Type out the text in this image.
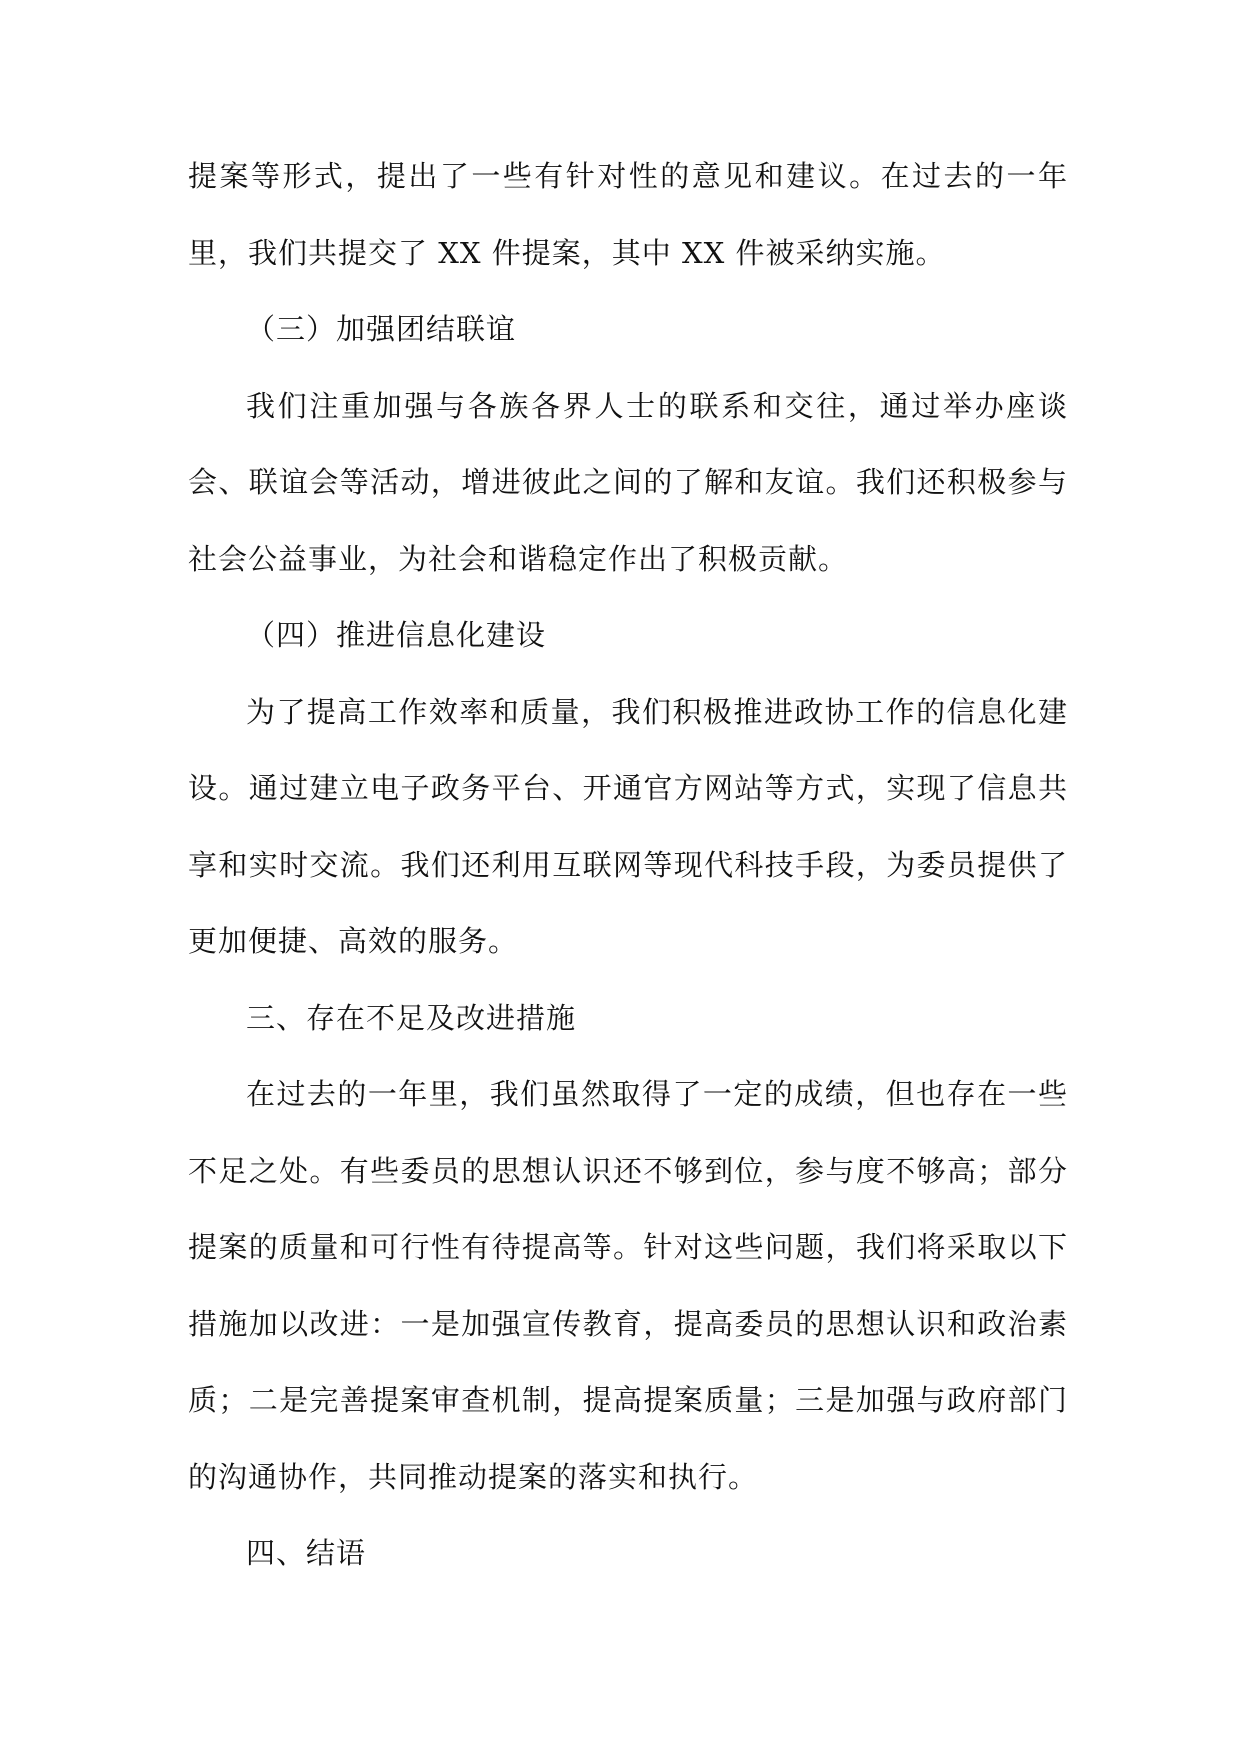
提案等形式，提出了一些有针对性的意见和建议。在过去的一年里，我们共提交了 XX 件提案，其中 XX 件被采纳实施。

（三）加强团结联谊

我们注重加强与各族各界人士的联系和交往，通过举办座谈会、联谊会等活动，增进彼此之间的了解和友谊。我们还积极参与社会公益事业，为社会和谐稳定作出了积极贡献。

（四）推进信息化建设

为了提高工作效率和质量，我们积极推进政协工作的信息化建设。通过建立电子政务平台、开通官方网站等方式，实现了信息共享和实时交流。我们还利用互联网等现代科技手段，为委员提供了更加便捷、高效的服务。

三、存在不足及改进措施

在过去的一年里，我们虽然取得了一定的成绩，但也存在一些不足之处。有些委员的思想认识还不够到位，参与度不够高；部分提案的质量和可行性有待提高等。针对这些问题，我们将采取以下措施加以改进：一是加强宣传教育，提高委员的思想认识和政治素质；二是完善提案审查机制，提高提案质量；三是加强与政府部门的沟通协作，共同推动提案的落实和执行。

四、结语
